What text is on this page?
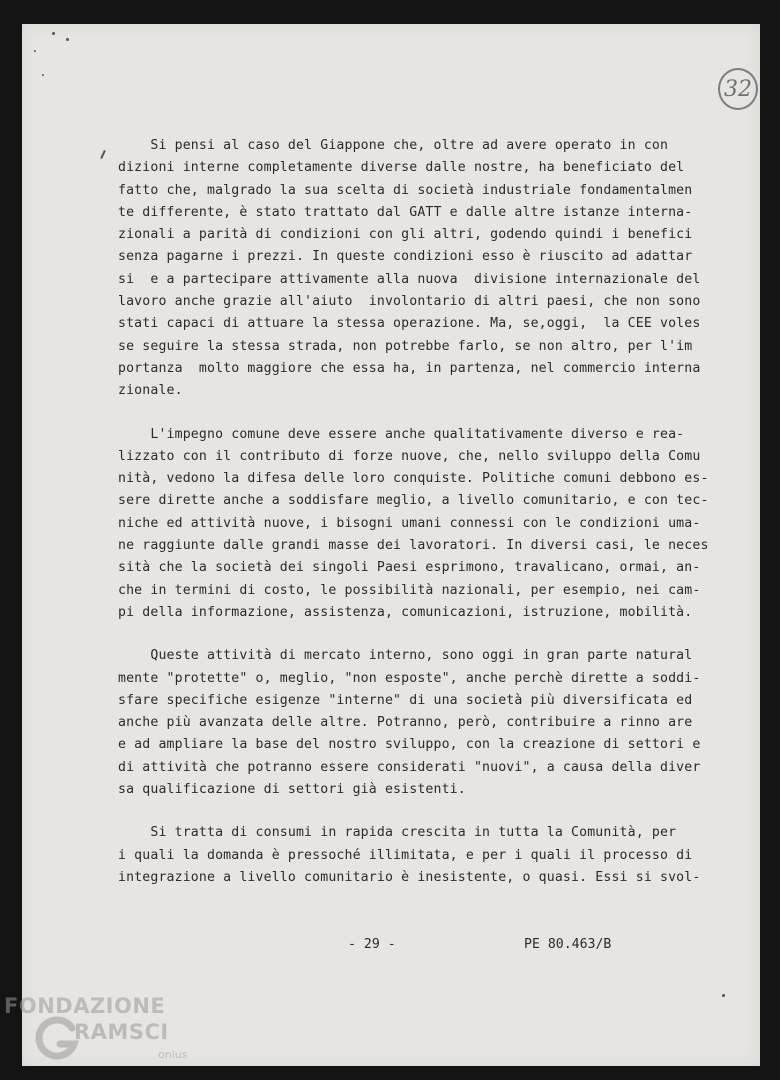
32
Si pensi al caso del Giappone che, oltre ad avere operato in con
dizioni interne completamente diverse dalle nostre, ha beneficiato del
fatto che, malgrado la sua scelta di società industriale fondamentalmen
te differente, è stato trattato dal GATT e dalle altre istanze interna-
zionali a parità di condizioni con gli altri, godendo quindi i benefici
senza pagarne i prezzi. In queste condizioni esso è riuscito ad adattar
si  e a partecipare attivamente alla nuova  divisione internazionale del
lavoro anche grazie all'aiuto  involontario di altri paesi, che non sono
stati capaci di attuare la stessa operazione. Ma, se,oggi,  la CEE voles
se seguire la stessa strada, non potrebbe farlo, se non altro, per l'im
portanza  molto maggiore che essa ha, in partenza, nel commercio interna
zionale.
L'impegno comune deve essere anche qualitativamente diverso e rea-
lizzato con il contributo di forze nuove, che, nello sviluppo della Comu
nità, vedono la difesa delle loro conquiste. Politiche comuni debbono es-
sere dirette anche a soddisfare meglio, a livello comunitario, e con tec-
niche ed attività nuove, i bisogni umani connessi con le condizioni uma-
ne raggiunte dalle grandi masse dei lavoratori. In diversi casi, le neces
sità che la società dei singoli Paesi esprimono, travalicano, ormai, an-
che in termini di costo, le possibilità nazionali, per esempio, nei cam-
pi della informazione, assistenza, comunicazioni, istruzione, mobilità.
Queste attività di mercato interno, sono oggi in gran parte natural
mente "protette" o, meglio, "non esposte", anche perchè dirette a soddi-
sfare specifiche esigenze "interne" di una società più diversificata ed
anche più avanzata delle altre. Potranno, però, contribuire a rinno are
e ad ampliare la base del nostro sviluppo, con la creazione di settori e
di attività che potranno essere considerati "nuovi", a causa della diver
sa qualificazione di settori già esistenti.
Si tratta di consumi in rapida crescita in tutta la Comunità, per
i quali la domanda è pressoché illimitata, e per i quali il processo di
integrazione a livello comunitario è inesistente, o quasi. Essi si svol-
- 29 -	PE 80.463/B
FONDAZIONE
RAMSCI
onlus
